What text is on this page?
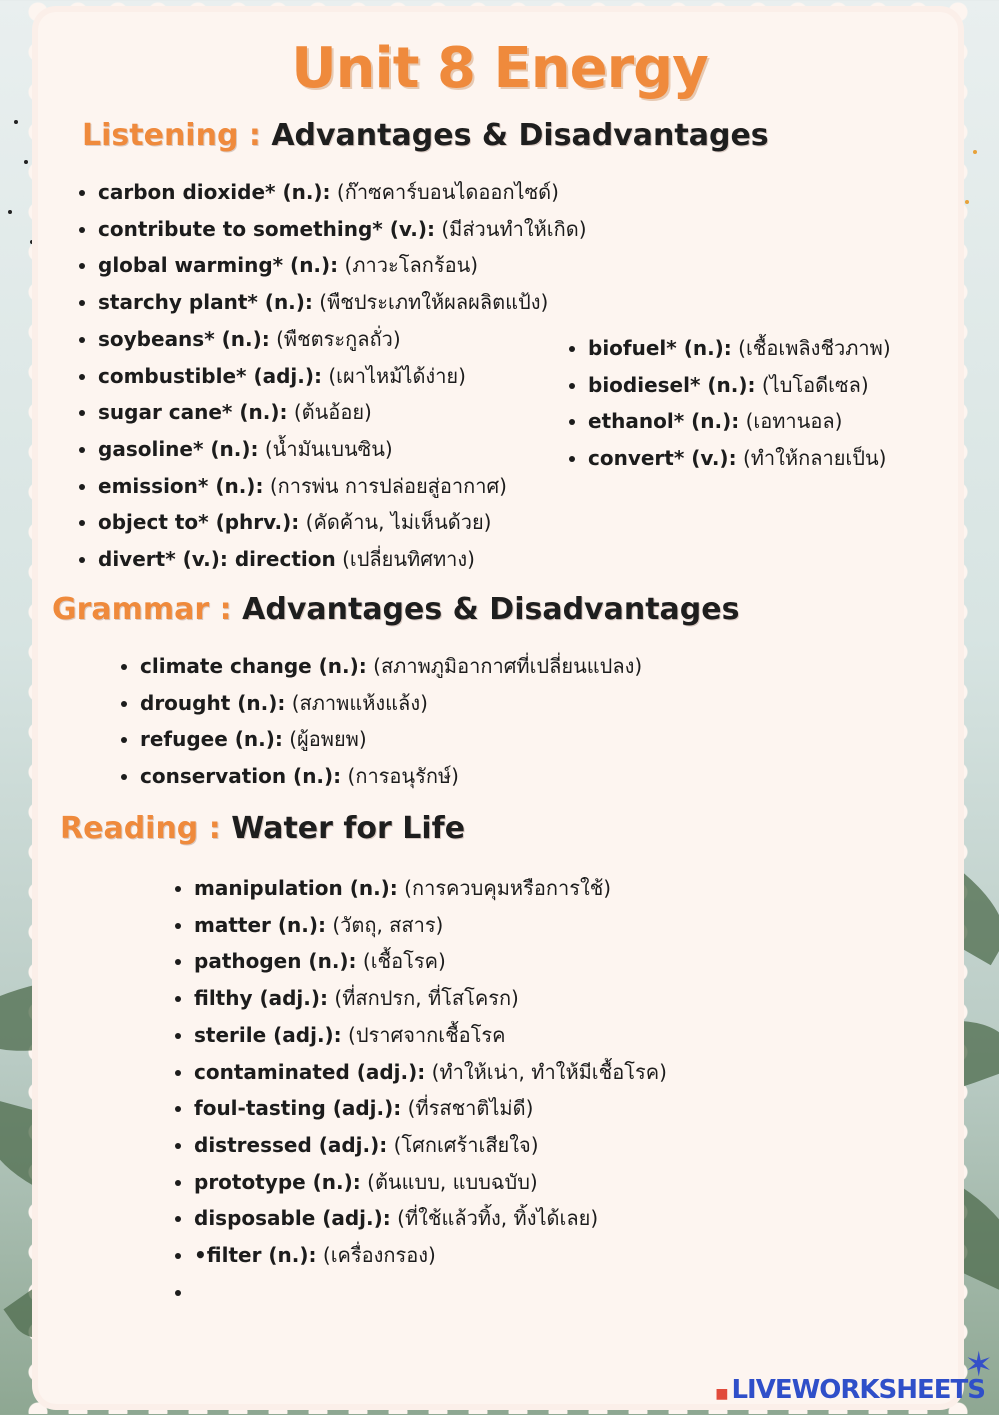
Unit 8 Energy
Listening : Advantages & Disadvantages
• carbon dioxide* (n.): (ก๊าซคาร์บอนไดออกไซด์)
• contribute to something* (v.): (มีส่วนทำให้เกิด)
• global warming* (n.): (ภาวะโลกร้อน)
• starchy plant* (n.): (พืชประเภทให้ผลผลิตแป้ง)
• soybeans* (n.): (พืชตระกูลถั่ว)
• combustible* (adj.): (เผาไหม้ได้ง่าย)
• sugar cane* (n.): (ต้นอ้อย)
• gasoline* (n.): (น้ำมันเบนซิน)
• emission* (n.): (การพ่น การปล่อยสู่อากาศ)
• object to* (phrv.): (คัดค้าน, ไม่เห็นด้วย)
• divert* (v.): direction (เปลี่ยนทิศทาง)
• biofuel* (n.): (เชื้อเพลิงชีวภาพ)
• biodiesel* (n.): (ไบโอดีเซล)
• ethanol* (n.): (เอทานอล)
• convert* (v.): (ทำให้กลายเป็น)
Grammar : Advantages & Disadvantages
• climate change (n.): (สภาพภูมิอากาศที่เปลี่ยนแปลง)
• drought (n.): (สภาพแห้งแล้ง)
• refugee (n.): (ผู้อพยพ)
• conservation (n.): (การอนุรักษ์)
Reading : Water for Life
• manipulation (n.): (การควบคุมหรือการใช้)
• matter (n.): (วัตถุ, สสาร)
• pathogen (n.): (เชื้อโรค)
• filthy (adj.): (ที่สกปรก, ที่โสโครก)
• sterile (adj.): (ปราศจากเชื้อโรค
• contaminated (adj.): (ทำให้เน่า, ทำให้มีเชื้อโรค)
• foul-tasting (adj.): (ที่รสชาติไม่ดี)
• distressed (adj.): (โศกเศร้าเสียใจ)
• prototype (n.): (ต้นแบบ, แบบฉบับ)
• disposable (adj.): (ที่ใช้แล้วทิ้ง, ทิ้งได้เลย)
• •filter (n.): (เครื่องกรอง)
•
✶
■ LIVEWORKSHEETS
